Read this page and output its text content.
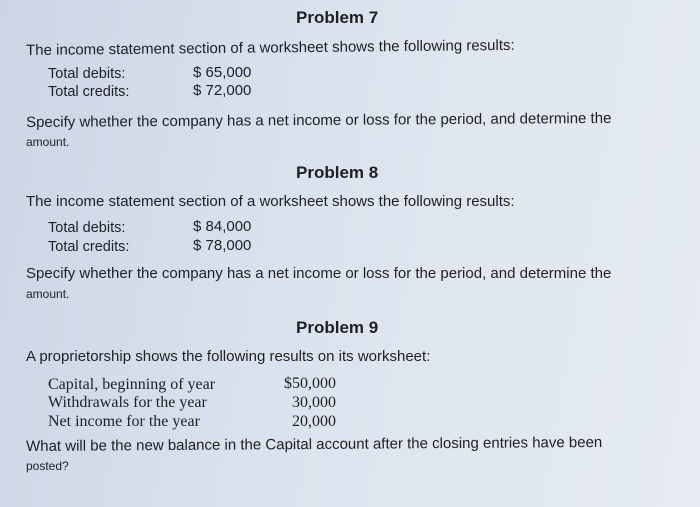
Problem 7
The income statement section of a worksheet shows the following results:
Total debits:	$ 65,000
Total credits:	$ 72,000
Specify whether the company has a net income or loss for the period, and determine the
amount.
Problem 8
The income statement section of a worksheet shows the following results:
Total debits:	$ 84,000
Total credits:	$ 78,000
Specify whether the company has a net income or loss for the period, and determine the
amount.
Problem 9
A proprietorship shows the following results on its worksheet:
Capital, beginning of year	$50,000
Withdrawals for the year	30,000
Net income for the year	20,000
What will be the new balance in the Capital account after the closing entries have been
posted?
